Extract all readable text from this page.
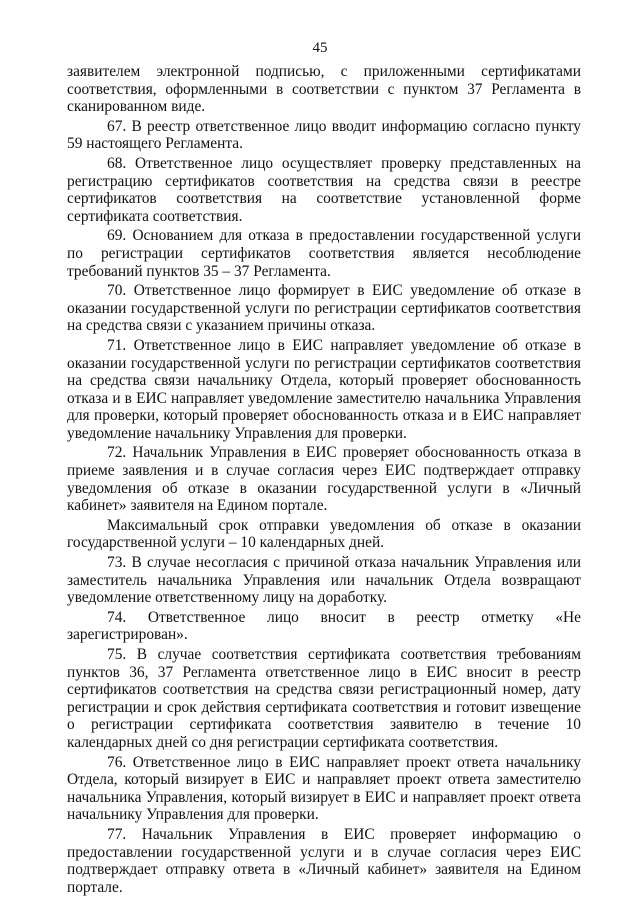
45

заявителем электронной подписью, с приложенными сертификатами соответствия, оформленными в соответствии с пунктом 37 Регламента в сканированном виде.

67. В реестр ответственное лицо вводит информацию согласно пункту 59 настоящего Регламента.

68. Ответственное лицо осуществляет проверку представленных на регистрацию сертификатов соответствия на средства связи в реестре сертификатов соответствия на соответствие установленной форме сертификата соответствия.

69. Основанием для отказа в предоставлении государственной услуги по регистрации сертификатов соответствия является несоблюдение требований пунктов 35 – 37 Регламента.

70. Ответственное лицо формирует в ЕИС уведомление об отказе в оказании государственной услуги по регистрации сертификатов соответствия на средства связи с указанием причины отказа.

71. Ответственное лицо в ЕИС направляет уведомление об отказе в оказании государственной услуги по регистрации сертификатов соответствия на средства связи начальнику Отдела, который проверяет обоснованность отказа и в ЕИС направляет уведомление заместителю начальника Управления для проверки, который проверяет обоснованность отказа и в ЕИС направляет уведомление начальнику Управления для проверки.

72. Начальник Управления в ЕИС проверяет обоснованность отказа в приеме заявления и в случае согласия через ЕИС подтверждает отправку уведомления об отказе в оказании государственной услуги в «Личный кабинет» заявителя на Едином портале.

Максимальный срок отправки уведомления об отказе в оказании государственной услуги – 10 календарных дней.

73. В случае несогласия с причиной отказа начальник Управления или заместитель начальника Управления или начальник Отдела возвращают уведомление ответственному лицу на доработку.

74. Ответственное лицо вносит в реестр отметку «Не зарегистрирован».

75. В случае соответствия сертификата соответствия требованиям пунктов 36, 37 Регламента ответственное лицо в ЕИС вносит в реестр сертификатов соответствия на средства связи регистрационный номер, дату регистрации и срок действия сертификата соответствия и готовит извещение о регистрации сертификата соответствия заявителю в течение 10 календарных дней со дня регистрации сертификата соответствия.

76. Ответственное лицо в ЕИС направляет проект ответа начальнику Отдела, который визирует в ЕИС и направляет проект ответа заместителю начальника Управления, который визирует в ЕИС и направляет проект ответа начальнику Управления для проверки.

77. Начальник Управления в ЕИС проверяет информацию о предоставлении государственной услуги и в случае согласия через ЕИС подтверждает отправку ответа в «Личный кабинет» заявителя на Едином портале.
